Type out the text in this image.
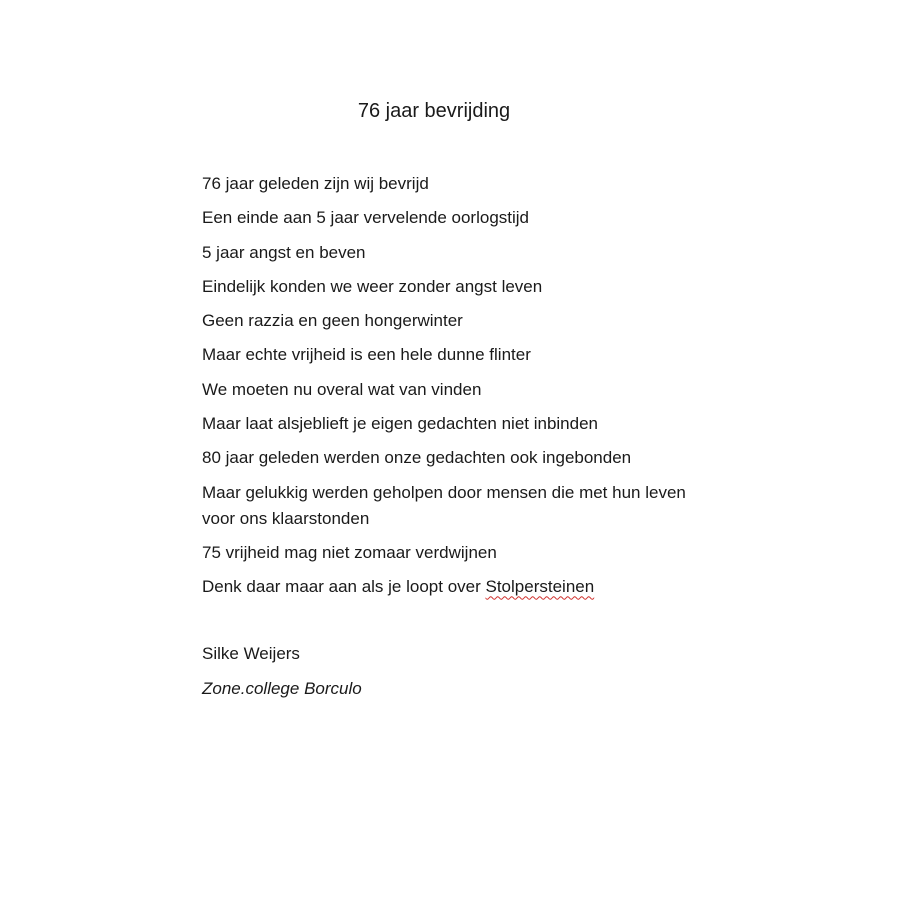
76 jaar bevrijding
76 jaar geleden zijn wij bevrijd
Een einde aan 5 jaar vervelende oorlogstijd
5 jaar angst en beven
Eindelijk konden we weer zonder angst leven
Geen razzia en geen hongerwinter
Maar echte vrijheid is een hele dunne flinter
We moeten nu overal wat van vinden
Maar laat alsjeblieft je eigen gedachten niet inbinden
80 jaar geleden werden onze gedachten ook ingebonden
Maar gelukkig werden geholpen door mensen die met hun leven voor ons klaarstonden
75 vrijheid mag niet zomaar verdwijnen
Denk daar maar aan als je loopt over Stolpersteinen
Silke Weijers
Zone.college Borculo
